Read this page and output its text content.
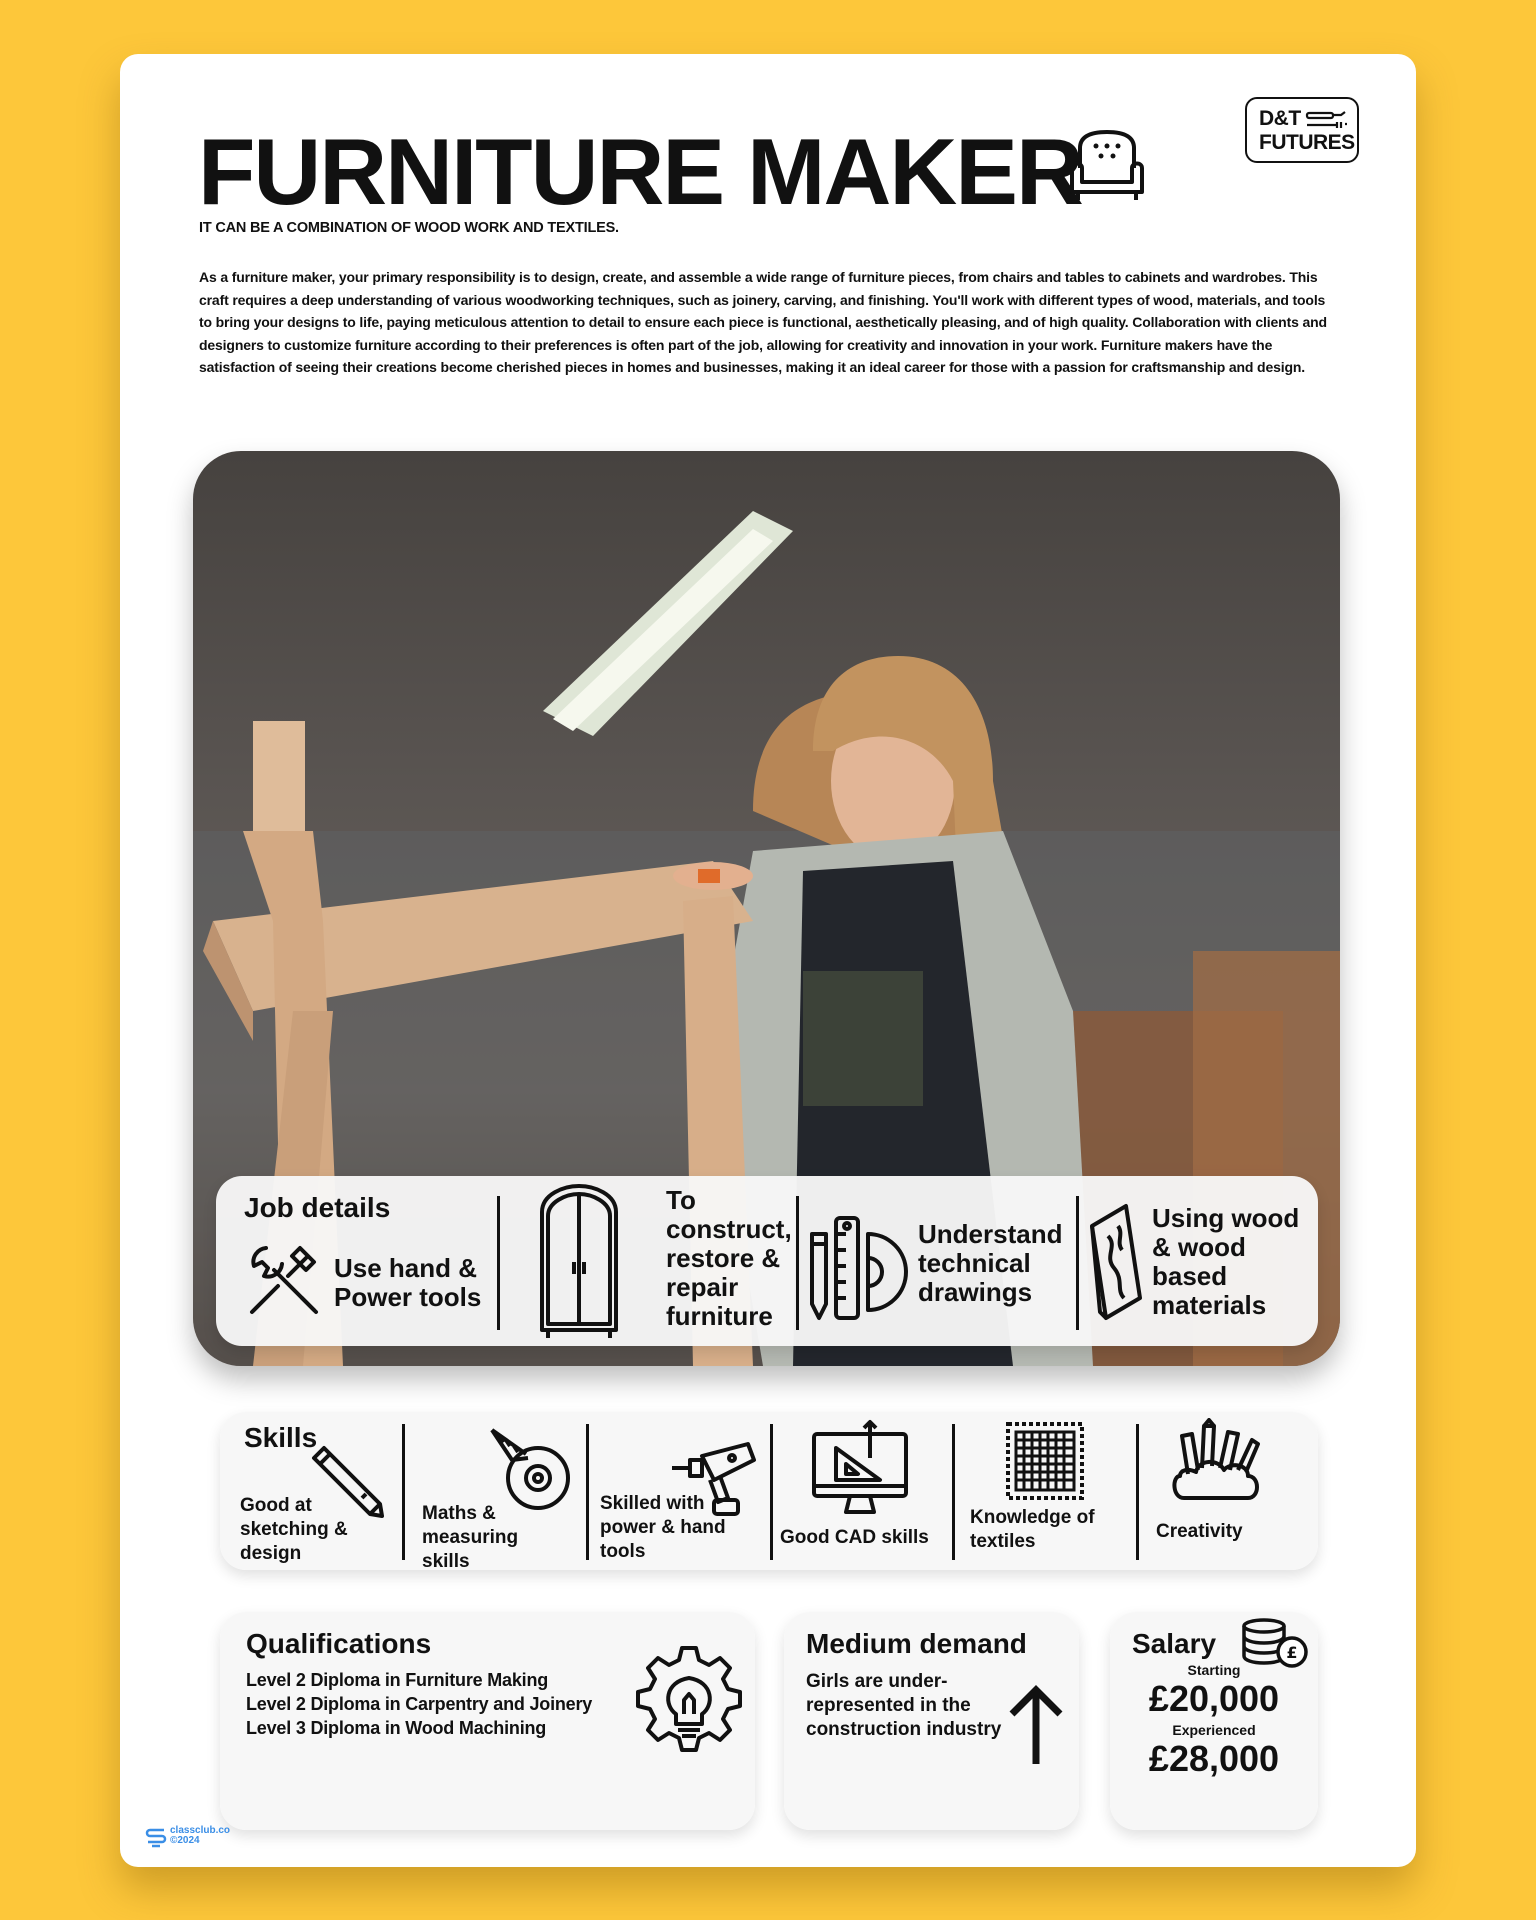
D&T
FUTURES
FURNITURE MAKER
IT CAN BE A COMBINATION OF WOOD WORK AND TEXTILES.

As a furniture maker, your primary responsibility is to design, create, and assemble a wide range of furniture pieces, from chairs and tables to cabinets and wardrobes. This craft requires a deep understanding of various woodworking techniques, such as joinery, carving, and finishing. You'll work with different types of wood, materials, and tools to bring your designs to life, paying meticulous attention to detail to ensure each piece is functional, aesthetically pleasing, and of high quality. Collaboration with clients and designers to customize furniture according to their preferences is often part of the job, allowing for creativity and innovation in your work. Furniture makers have the satisfaction of seeing their creations become cherished pieces in homes and businesses, making it an ideal career for those with a passion for craftsmanship and design.

Job details
Use hand & Power tools
To construct, restore & repair furniture
Understand technical drawings
Using wood & wood based materials
Skills
Good at sketching & design
Maths & measuring skills
Skilled with power & hand tools
Good CAD skills
Knowledge of textiles	Creativity
Qualifications
Level 2 Diploma in Furniture Making
Level 2 Diploma in Carpentry and Joinery
Level 3 Diploma in Wood Machining
Medium demand
Girls are under-represented in the construction industry
Salary	£
Starting
£20,000
Experienced
£28,000
classclub.co
©2024
